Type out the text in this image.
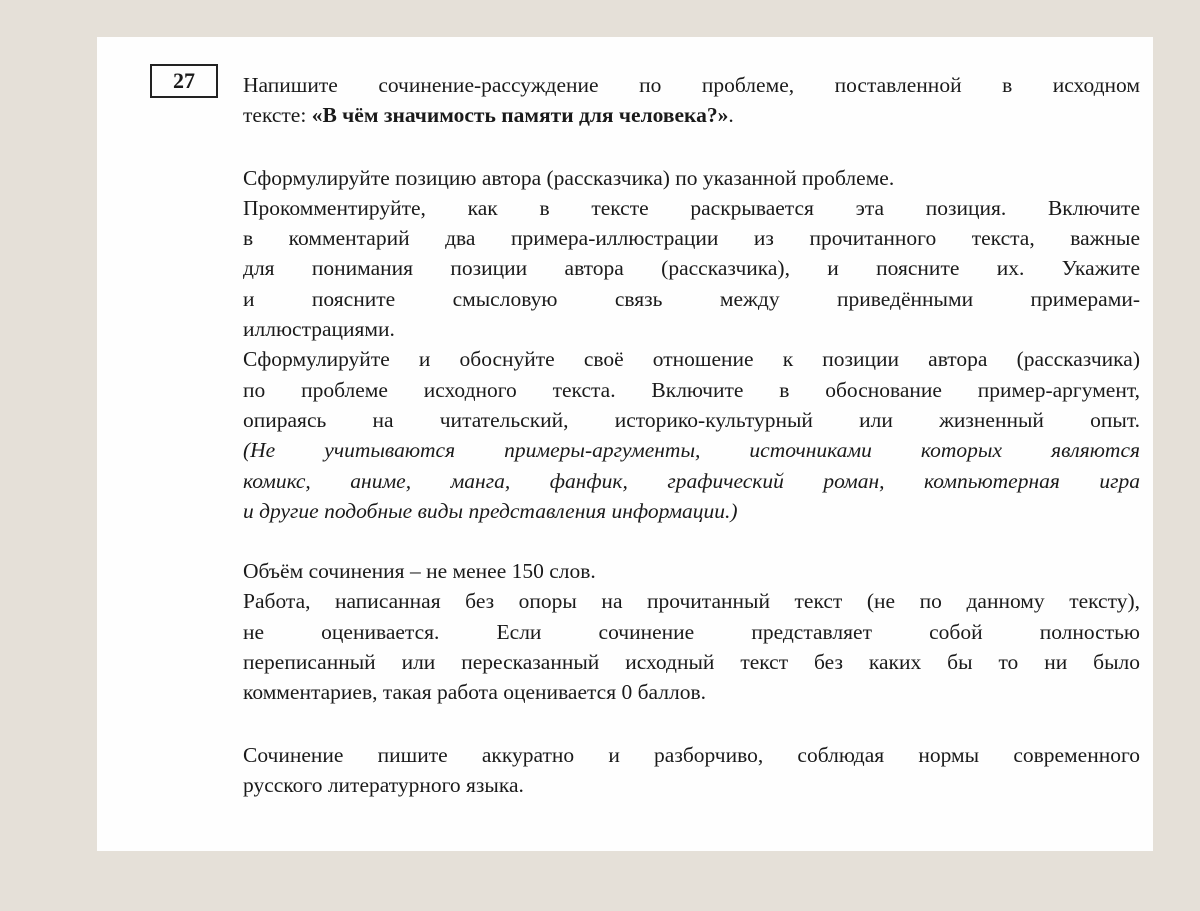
27	Напишите сочинение-рассуждение по проблеме, поставленной в исходном
тексте: «В чём значимость памяти для человека?».
Сформулируйте позицию автора (рассказчика) по указанной проблеме.
Прокомментируйте, как в тексте раскрывается эта позиция. Включите
в комментарий два примера-иллюстрации из прочитанного текста, важные
для понимания позиции автора (рассказчика), и поясните их. Укажите
и поясните смысловую связь между приведёнными примерами-
иллюстрациями.
Сформулируйте и обоснуйте своё отношение к позиции автора (рассказчика)
по проблеме исходного текста. Включите в обоснование пример-аргумент,
опираясь на читательский, историко-культурный или жизненный опыт.
(Не учитываются примеры-аргументы, источниками которых являются
комикс, аниме, манга, фанфик, графический роман, компьютерная игра
и другие подобные виды представления информации.)
Объём сочинения – не менее 150 слов.
Работа, написанная без опоры на прочитанный текст (не по данному тексту),
не оценивается. Если сочинение представляет собой полностью
переписанный или пересказанный исходный текст без каких бы то ни было
комментариев, такая работа оценивается 0 баллов.
Сочинение пишите аккуратно и разборчиво, соблюдая нормы современного
русского литературного языка.
